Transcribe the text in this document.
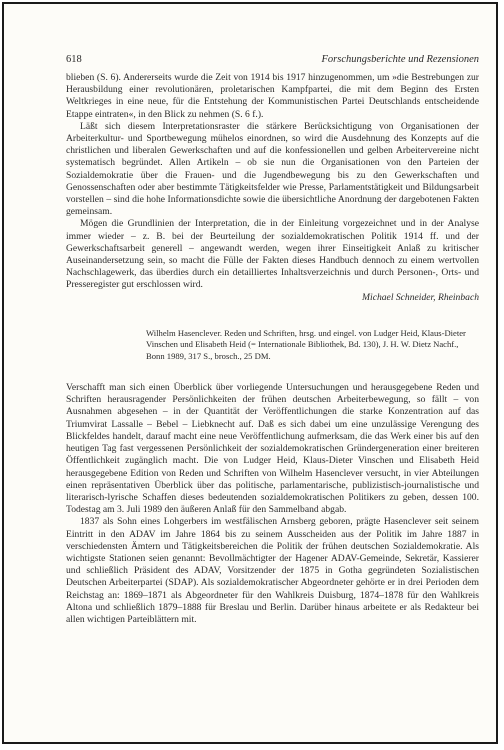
618	Forschungsberichte und Rezensionen

blieben (S. 6). Andererseits wurde die Zeit von 1914 bis 1917 hinzugenommen, um »die Bestrebungen zur Herausbildung einer revolutionären, proletarischen Kampfpartei, die mit dem Beginn des Ersten Weltkrieges in eine neue, für die Entstehung der Kommunistischen Partei Deutschlands entscheidende Etappe eintraten«, in den Blick zu nehmen (S. 6 f.).

Läßt sich diesem Interpretationsraster die stärkere Berücksichtigung von Organisationen der Arbeiterkultur- und Sportbewegung mühelos einordnen, so wird die Ausdehnung des Konzepts auf die christlichen und liberalen Gewerkschaften und auf die konfessionellen und gelben Arbeitervereine nicht systematisch begründet. Allen Artikeln – ob sie nun die Organisationen von den Parteien der Sozialdemokratie über die Frauen- und die Jugendbewegung bis zu den Gewerkschaften und Genossenschaften oder aber bestimmte Tätigkeitsfelder wie Presse, Parlamentstätigkeit und Bildungsarbeit vorstellen – sind die hohe Informationsdichte sowie die übersichtliche Anordnung der dargebotenen Fakten gemeinsam.

Mögen die Grundlinien der Interpretation, die in der Einleitung vorgezeichnet und in der Analyse immer wieder – z. B. bei der Beurteilung der sozialdemokratischen Politik 1914 ff. und der Gewerkschaftsarbeit generell – angewandt werden, wegen ihrer Einseitigkeit Anlaß zu kritischer Auseinandersetzung sein, so macht die Fülle der Fakten dieses Handbuch dennoch zu einem wertvollen Nachschlagewerk, das überdies durch ein detailliertes Inhaltsverzeichnis und durch Personen-, Orts- und Presseregister gut erschlossen wird.

Michael Schneider, Rheinbach

Wilhelm Hasenclever. Reden und Schriften, hrsg. und eingel. von Ludger Heid, Klaus-Dieter Vinschen und Elisabeth Heid (= Internationale Bibliothek, Bd. 130), J. H. W. Dietz Nachf., Bonn 1989, 317 S., brosch., 25 DM.

Verschafft man sich einen Überblick über vorliegende Untersuchungen und herausgegebene Reden und Schriften herausragender Persönlichkeiten der frühen deutschen Arbeiterbewegung, so fällt – von Ausnahmen abgesehen – in der Quantität der Veröffentlichungen die starke Konzentration auf das Triumvirat Lassalle – Bebel – Liebknecht auf. Daß es sich dabei um eine unzulässige Verengung des Blickfeldes handelt, darauf macht eine neue Veröffentlichung aufmerksam, die das Werk einer bis auf den heutigen Tag fast vergessenen Persönlichkeit der sozialdemokratischen Gründergeneration einer breiteren Öffentlichkeit zugänglich macht. Die von Ludger Heid, Klaus-Dieter Vinschen und Elisabeth Heid herausgegebene Edition von Reden und Schriften von Wilhelm Hasenclever versucht, in vier Abteilungen einen repräsentativen Überblick über das politische, parlamentarische, publizistisch-journalistische und literarisch-lyrische Schaffen dieses bedeutenden sozialdemokratischen Politikers zu geben, dessen 100. Todestag am 3. Juli 1989 den äußeren Anlaß für den Sammelband abgab.

1837 als Sohn eines Lohgerbers im westfälischen Arnsberg geboren, prägte Hasenclever seit seinem Eintritt in den ADAV im Jahre 1864 bis zu seinem Ausscheiden aus der Politik im Jahre 1887 in verschiedensten Ämtern und Tätigkeitsbereichen die Politik der frühen deutschen Sozialdemokratie. Als wichtigste Stationen seien genannt: Bevollmächtigter der Hagener ADAV-Gemeinde, Sekretär, Kassierer und schließlich Präsident des ADAV, Vorsitzender der 1875 in Gotha gegründeten Sozialistischen Deutschen Arbeiterpartei (SDAP). Als sozialdemokratischer Abgeordneter gehörte er in drei Perioden dem Reichstag an: 1869–1871 als Abgeordneter für den Wahlkreis Duisburg, 1874–1878 für den Wahlkreis Altona und schließlich 1879–1888 für Breslau und Berlin. Darüber hinaus arbeitete er als Redakteur bei allen wichtigen Parteiblättern mit.
